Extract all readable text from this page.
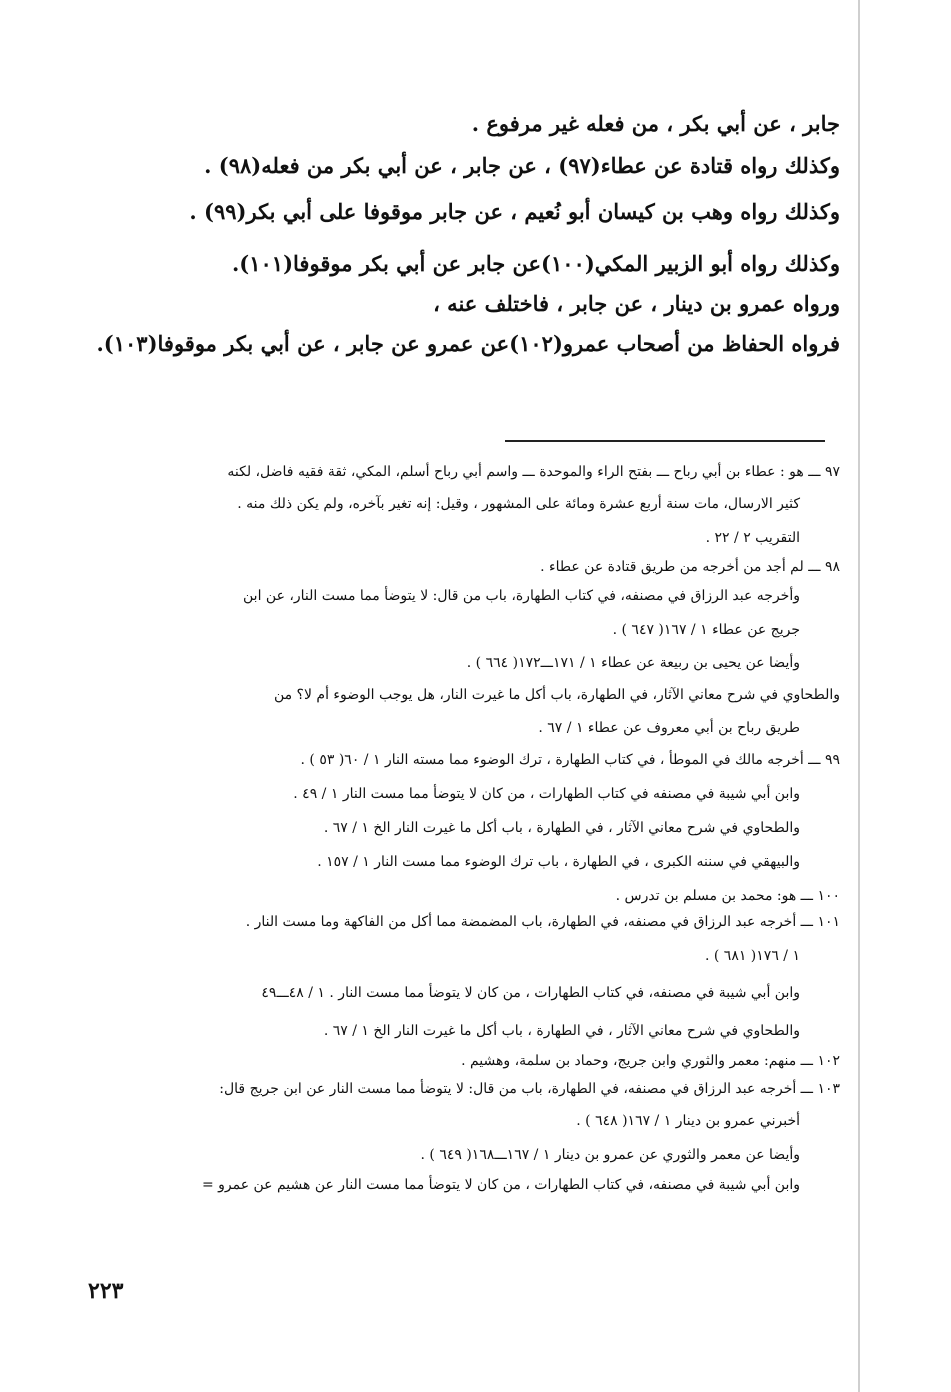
جابر ، عن أبي بكر ، من فعله غير مرفوع .

وكذلك رواه قتادة عن عطاء(٩٧) ، عن جابر ، عن أبي بكر من فعله(٩٨) .

وكذلك رواه وهب بن كيسان أبو نُعيم ، عن جابر موقوفا على أبي بكر(٩٩) .

وكذلك رواه أبو الزبير المكي(١٠٠)عن جابر عن أبي بكر موقوفا(١٠١).

ورواه عمرو بن دينار ، عن جابر ، فاختلف عنه ،

فرواه الحفاظ من أصحاب عمرو(١٠٢)عن عمرو عن جابر ، عن أبي بكر موقوفا(١٠٣).

٩٧ ـــ هو : عطاء بن أبي رباح ـــ بفتح الراء والموحدة ـــ واسم أبي رباح أسلم، المكي، ثقة فقيه فاضل، لكنه

كثير الارسال، مات سنة أربع عشرة ومائة على المشهور ، وقيل: إنه تغير بآخره، ولم يكن ذلك منه .

التقريب ٢ / ٢٢ .

٩٨ ـــ لم أجد من أخرجه من طريق قتادة عن عطاء .

وأخرجه عبد الرزاق في مصنفه، في كتاب الطهارة، باب من قال: لا يتوضأ مما مست النار، عن ابن

جريج عن عطاء ١ / ١٦٧( ٦٤٧ ) .

وأيضا عن يحيى بن ربيعة عن عطاء ١ / ١٧١ـــ١٧٢( ٦٦٤ ) .

والطحاوي في شرح معاني الآثار، في الطهارة، باب أكل ما غيرت النار، هل يوجب الوضوء أم لا؟ من

طريق رباح بن أبي معروف عن عطاء ١ / ٦٧ .

٩٩ ـــ أخرجه مالك في الموطأ ، في كتاب الطهارة ، ترك الوضوء مما مسته النار ١ / ٦٠( ٥٣ ) .

وابن أبي شيبة في مصنفه في كتاب الطهارات ، من كان لا يتوضأ مما مست النار ١ / ٤٩ .

والطحاوي في شرح معاني الآثار ، في الطهارة ، باب أكل ما غيرت النار الخ ١ / ٦٧ .

والبيهقي في سننه الكبرى ، في الطهارة ، باب ترك الوضوء مما مست النار ١ / ١٥٧ .

١٠٠ ـــ هو: محمد بن مسلم بن تدرس .

١٠١ ـــ أخرجه عبد الرزاق في مصنفه، في الطهارة، باب المضمضة مما أكل من الفاكهة وما مست النار .

١ / ١٧٦( ٦٨١ ) .

وابن أبي شيبة في مصنفه، في كتاب الطهارات ، من كان لا يتوضأ مما مست النار . ١ / ٤٨ـــ٤٩

والطحاوي في شرح معاني الآثار ، في الطهارة ، باب أكل ما غيرت النار الخ ١ / ٦٧ .

١٠٢ ـــ منهم: معمر والثوري وابن جريج، وحماد بن سلمة، وهشيم .

١٠٣ ـــ أخرجه عبد الرزاق في مصنفه، في الطهارة، باب من قال: لا يتوضأ مما مست النار عن ابن جريج قال:

أخبرني عمرو بن دينار ١ / ١٦٧( ٦٤٨ ) .

وأيضا عن معمر والثوري عن عمرو بن دينار ١ / ١٦٧ـــ١٦٨( ٦٤٩ ) .

وابن أبي شيبة في مصنفه، في كتاب الطهارات ، من كان لا يتوضأ مما مست النار عن هشيم عن عمرو =

٢٢٣
